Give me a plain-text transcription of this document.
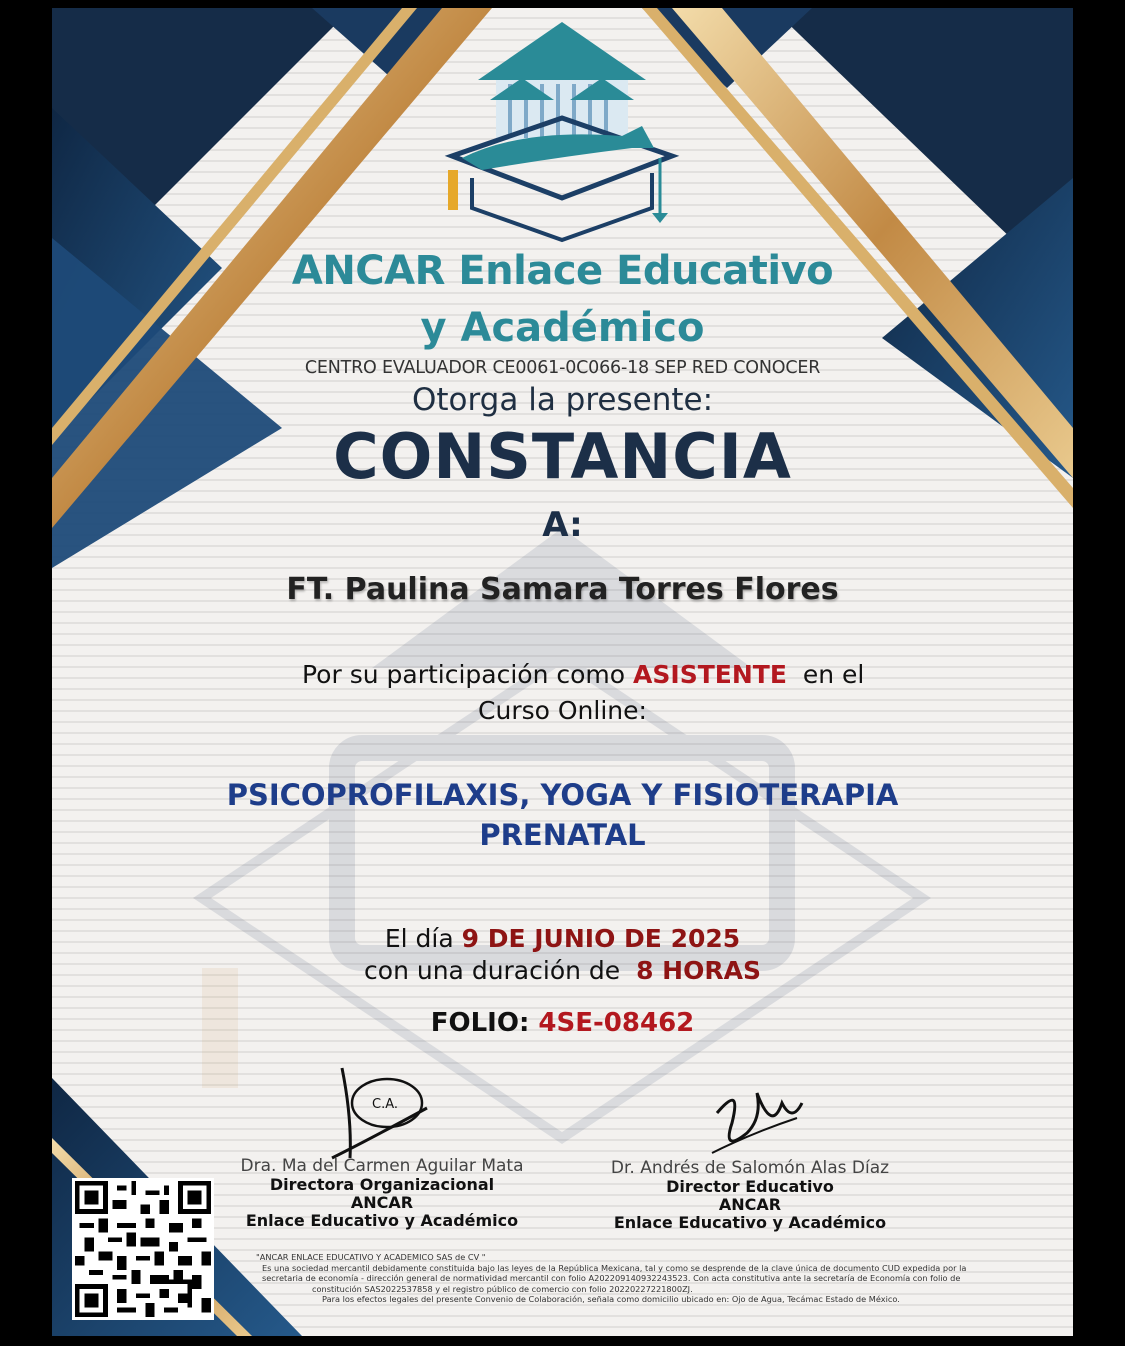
ANCAR Enlace Educativo

y Académico

CENTRO EVALUADOR CE0061-0C066-18 SEP RED CONOCER

Otorga la presente:

CONSTANCIA

A:

FT. Paulina Samara Torres Flores

Por su participación como ASISTENTE en el

Curso Online:

PSICOPROFILAXIS, YOGA Y FISIOTERAPIA

PRENATAL

El día 9 DE JUNIO DE 2025

con una duración de 8 HORAS

FOLIO: 4SE-08462

C.A.
Dra. Ma del Carmen Aguilar Mata
Directora Organizacional
ANCAR
Enlace Educativo y Académico
Dr. Andrés de Salomón Alas Díaz
Director Educativo
ANCAR
Enlace Educativo y Académico
"ANCAR ENLACE EDUCATIVO Y ACADEMICO SAS de CV "
Es una sociedad mercantil debidamente constituida bajo las leyes de la República Mexicana, tal y como se desprende de la clave única de documento CUD expedida por la
secretaria de economía - dirección general de normatividad mercantil con folio A202209140932243523. Con acta constitutiva ante la secretaría de Economía con folio de
constitución SAS2022537858 y el registro público de comercio con folio 2022022722180​0ZJ.
Para los efectos legales del presente Convenio de Colaboración, señala como domicilio ubicado en: Ojo de Agua, Tecámac Estado de México.
